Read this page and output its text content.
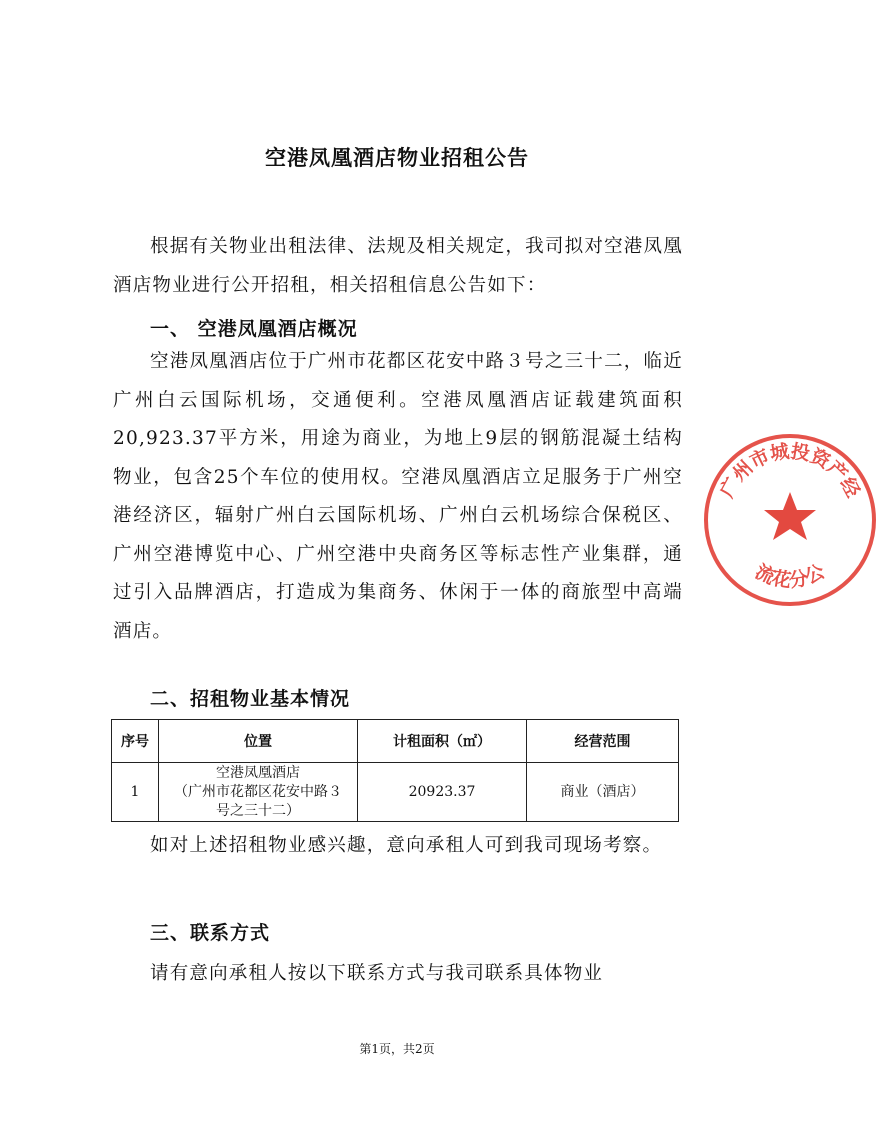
空港凤凰酒店物业招租公告

根据有关物业出租法律、法规及相关规定，我司拟对空港凤凰酒店物业进行公开招租，相关招租信息公告如下：

一、 空港凤凰酒店概况

空港凤凰酒店位于广州市花都区花安中路３号之三十二，临近广州白云国际机场，交通便利。空港凤凰酒店证载建筑面积20,923.37平方米，用途为商业，为地上9层的钢筋混凝土结构物业，包含25个车位的使用权。空港凤凰酒店立足服务于广州空港经济区，辐射广州白云国际机场、广州白云机场综合保税区、广州空港博览中心、广州空港中央商务区等标志性产业集群，通过引入品牌酒店，打造成为集商务、休闲于一体的商旅型中高端酒店。

二、招租物业基本情况
序号	位置	计租面积（㎡）	经营范围
1	空港凤凰酒店
（广州市花都区花安中路３
号之三十二）	20923.37	商业（酒店）

如对上述招租物业感兴趣，意向承租人可到我司现场考察。

三、联系方式

请有意向承租人按以下联系方式与我司联系具体物业

第1页，共2页
广州市城投资产经
流花分公
